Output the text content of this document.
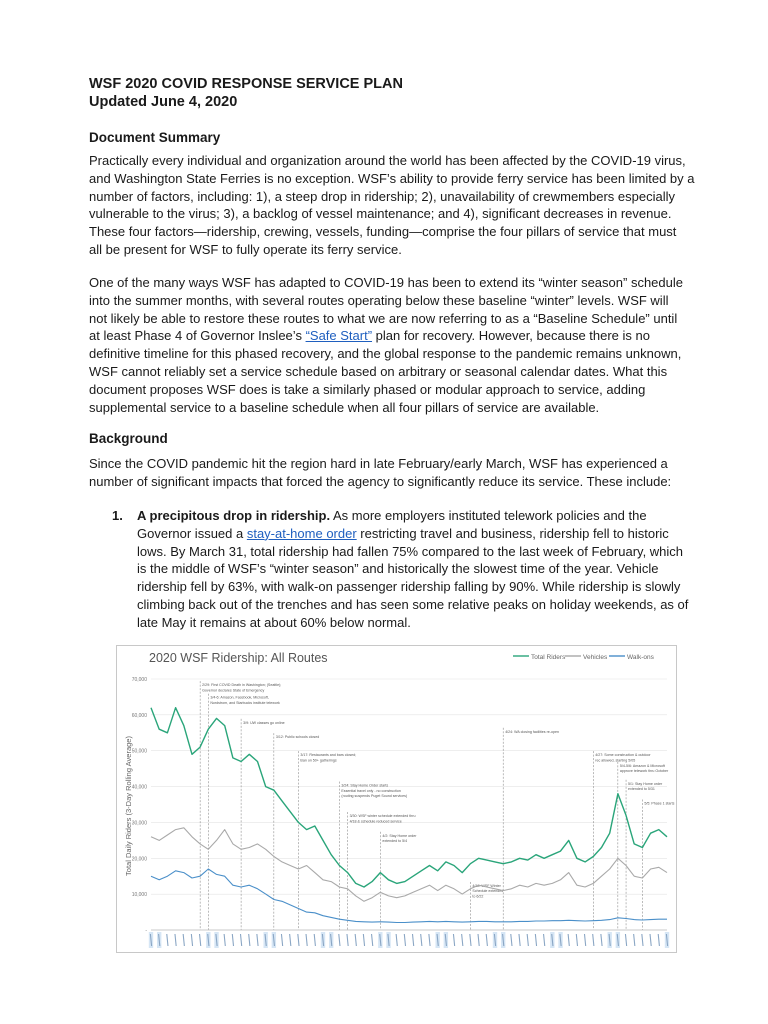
WSF 2020 COVID RESPONSE SERVICE PLAN
Updated June 4, 2020
Document Summary
Practically every individual and organization around the world has been affected by the COVID-19 virus,
and Washington State Ferries is no exception. WSF’s ability to provide ferry service has been limited by a
number of factors, including: 1), a steep drop in ridership; 2), unavailability of crewmembers especially
vulnerable to the virus; 3), a backlog of vessel maintenance; and 4), significant decreases in revenue.
These four factors—ridership, crewing, vessels, funding—comprise the four pillars of service that must
all be present for WSF to fully operate its ferry service.
One of the many ways WSF has adapted to COVID-19 has been to extend its “winter season” schedule
into the summer months, with several routes operating below these baseline “winter” levels. WSF will
not likely be able to restore these routes to what we are now referring to as a “Baseline Schedule” until
at least Phase 4 of Governor Inslee’s “Safe Start” plan for recovery. However, because there is no
definitive timeline for this phased recovery, and the global response to the pandemic remains unknown,
WSF cannot reliably set a service schedule based on arbitrary or seasonal calendar dates. What this
document proposes WSF does is take a similarly phased or modular approach to service, adding
supplemental service to a baseline schedule when all four pillars of service are available.
Background
Since the COVID pandemic hit the region hard in late February/early March, WSF has experienced a
number of significant impacts that forced the agency to significantly reduce its service. These include:
1.	A precipitous drop in ridership. As more employers instituted telework policies and the
Governor issued a stay-at-home order restricting travel and business, ridership fell to historic
lows. By March 31, total ridership had fallen 75% compared to the last week of February, which
is the middle of WSF’s “winter season” and historically the slowest time of the year. Vehicle
ridership fell by 63%, with walk-on passenger ridership falling by 90%. While ridership is slowly
climbing back out of the trenches and has seen some relative peaks on holiday weekends, as of
late May it remains at about 60% below normal.
2020 WSF Ridership: All Routes	Total Riders	Vehicles	Walk-ons
Total Daily Riders (3-Day Rolling Average)
70,000
60,000
50,000
40,000
30,000
20,000
10,000
-
2/29: First COVID Death in Washington; (Seattle);
Governor declares State of Emergency
3/4-6: Amazon, Facebook, Microsoft,
Nordstrom, and Starbucks institute telework
3/9: UW classes go online
3/12: Public schools closed
3/17: Restaurants and bars closed;
Ban on 50+ gatherings
3/24: Stay Home Order starts
Essential travel only - no construction
(routing suspends Puget Sound services)
3/30: WSF winter schedule extended thru
4/18 & schedule reduced service
4/2: Stay Home order
extended to 5/4
4/18: WSF Winter
Schedule extended
to 6/22
4/24: WA closing facilities re-open
4/27: Some construction & outdoor
rec allowed, starting 5/05
5/4-5/6: Amazon & Microsoft
approve telework thru October
5/1: Stay Home order
extended to 5/31
5/5: Phase 1 starts
